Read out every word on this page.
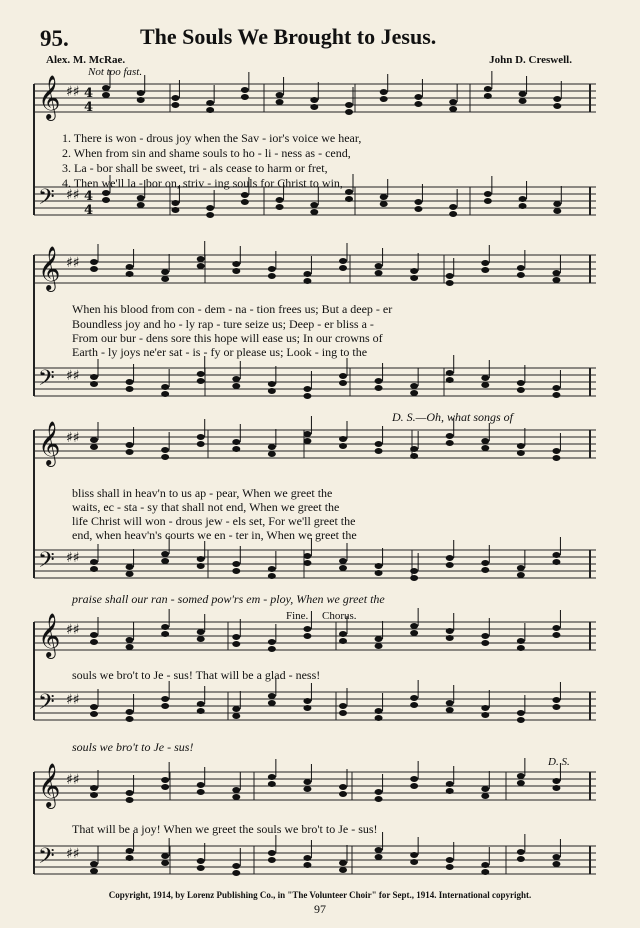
95.	The Souls We Brought to Jesus.
Alex. M. McRae.	John D. Creswell.
Not too fast.
𝄞 ♯♯ 4
4
𝄢 ♯♯ 4
4
𝄞 ♯♯
𝄢 ♯♯
𝄞 ♯♯
𝄢 ♯♯
𝄞 ♯♯
𝄢 ♯♯
𝄞 ♯♯
𝄢 ♯♯
1. There is won - drous joy when the Sav - ior's voice we hear,
2. When from sin and shame souls to ho - li - ness as - cend,
3. La - bor shall be sweet, tri - als cease to harm or fret,
4. Then we'll la - bor on, striv - ing souls for Christ to win,
When his blood from con - dem - na - tion frees us; But a deep - er
Boundless joy and ho - ly rap - ture seize us; Deep - er bliss a -
From our bur - dens sore this hope will ease us; In our crowns of
Earth - ly joys ne'er sat - is - fy or please us; Look - ing to the
D. S.—Oh, what songs of
bliss shall in heav'n to us ap - pear, When we greet the
waits, ec - sta - sy that shall not end, When we greet the
life Christ will won - drous jew - els set, For we'll greet the
end, when heav'n's courts we en - ter in, When we greet the
praise shall our ran - somed pow'rs em - ploy, When we greet the
Fine. Chorus.
souls we bro't to Je - sus! That will be a glad - ness!
souls we bro't to Je - sus!
D. S.
That will be a joy! When we greet the souls we bro't to Je - sus!
Copyright, 1914, by Lorenz Publishing Co., in "The Volunteer Choir" for Sept., 1914. International copyright.
97
